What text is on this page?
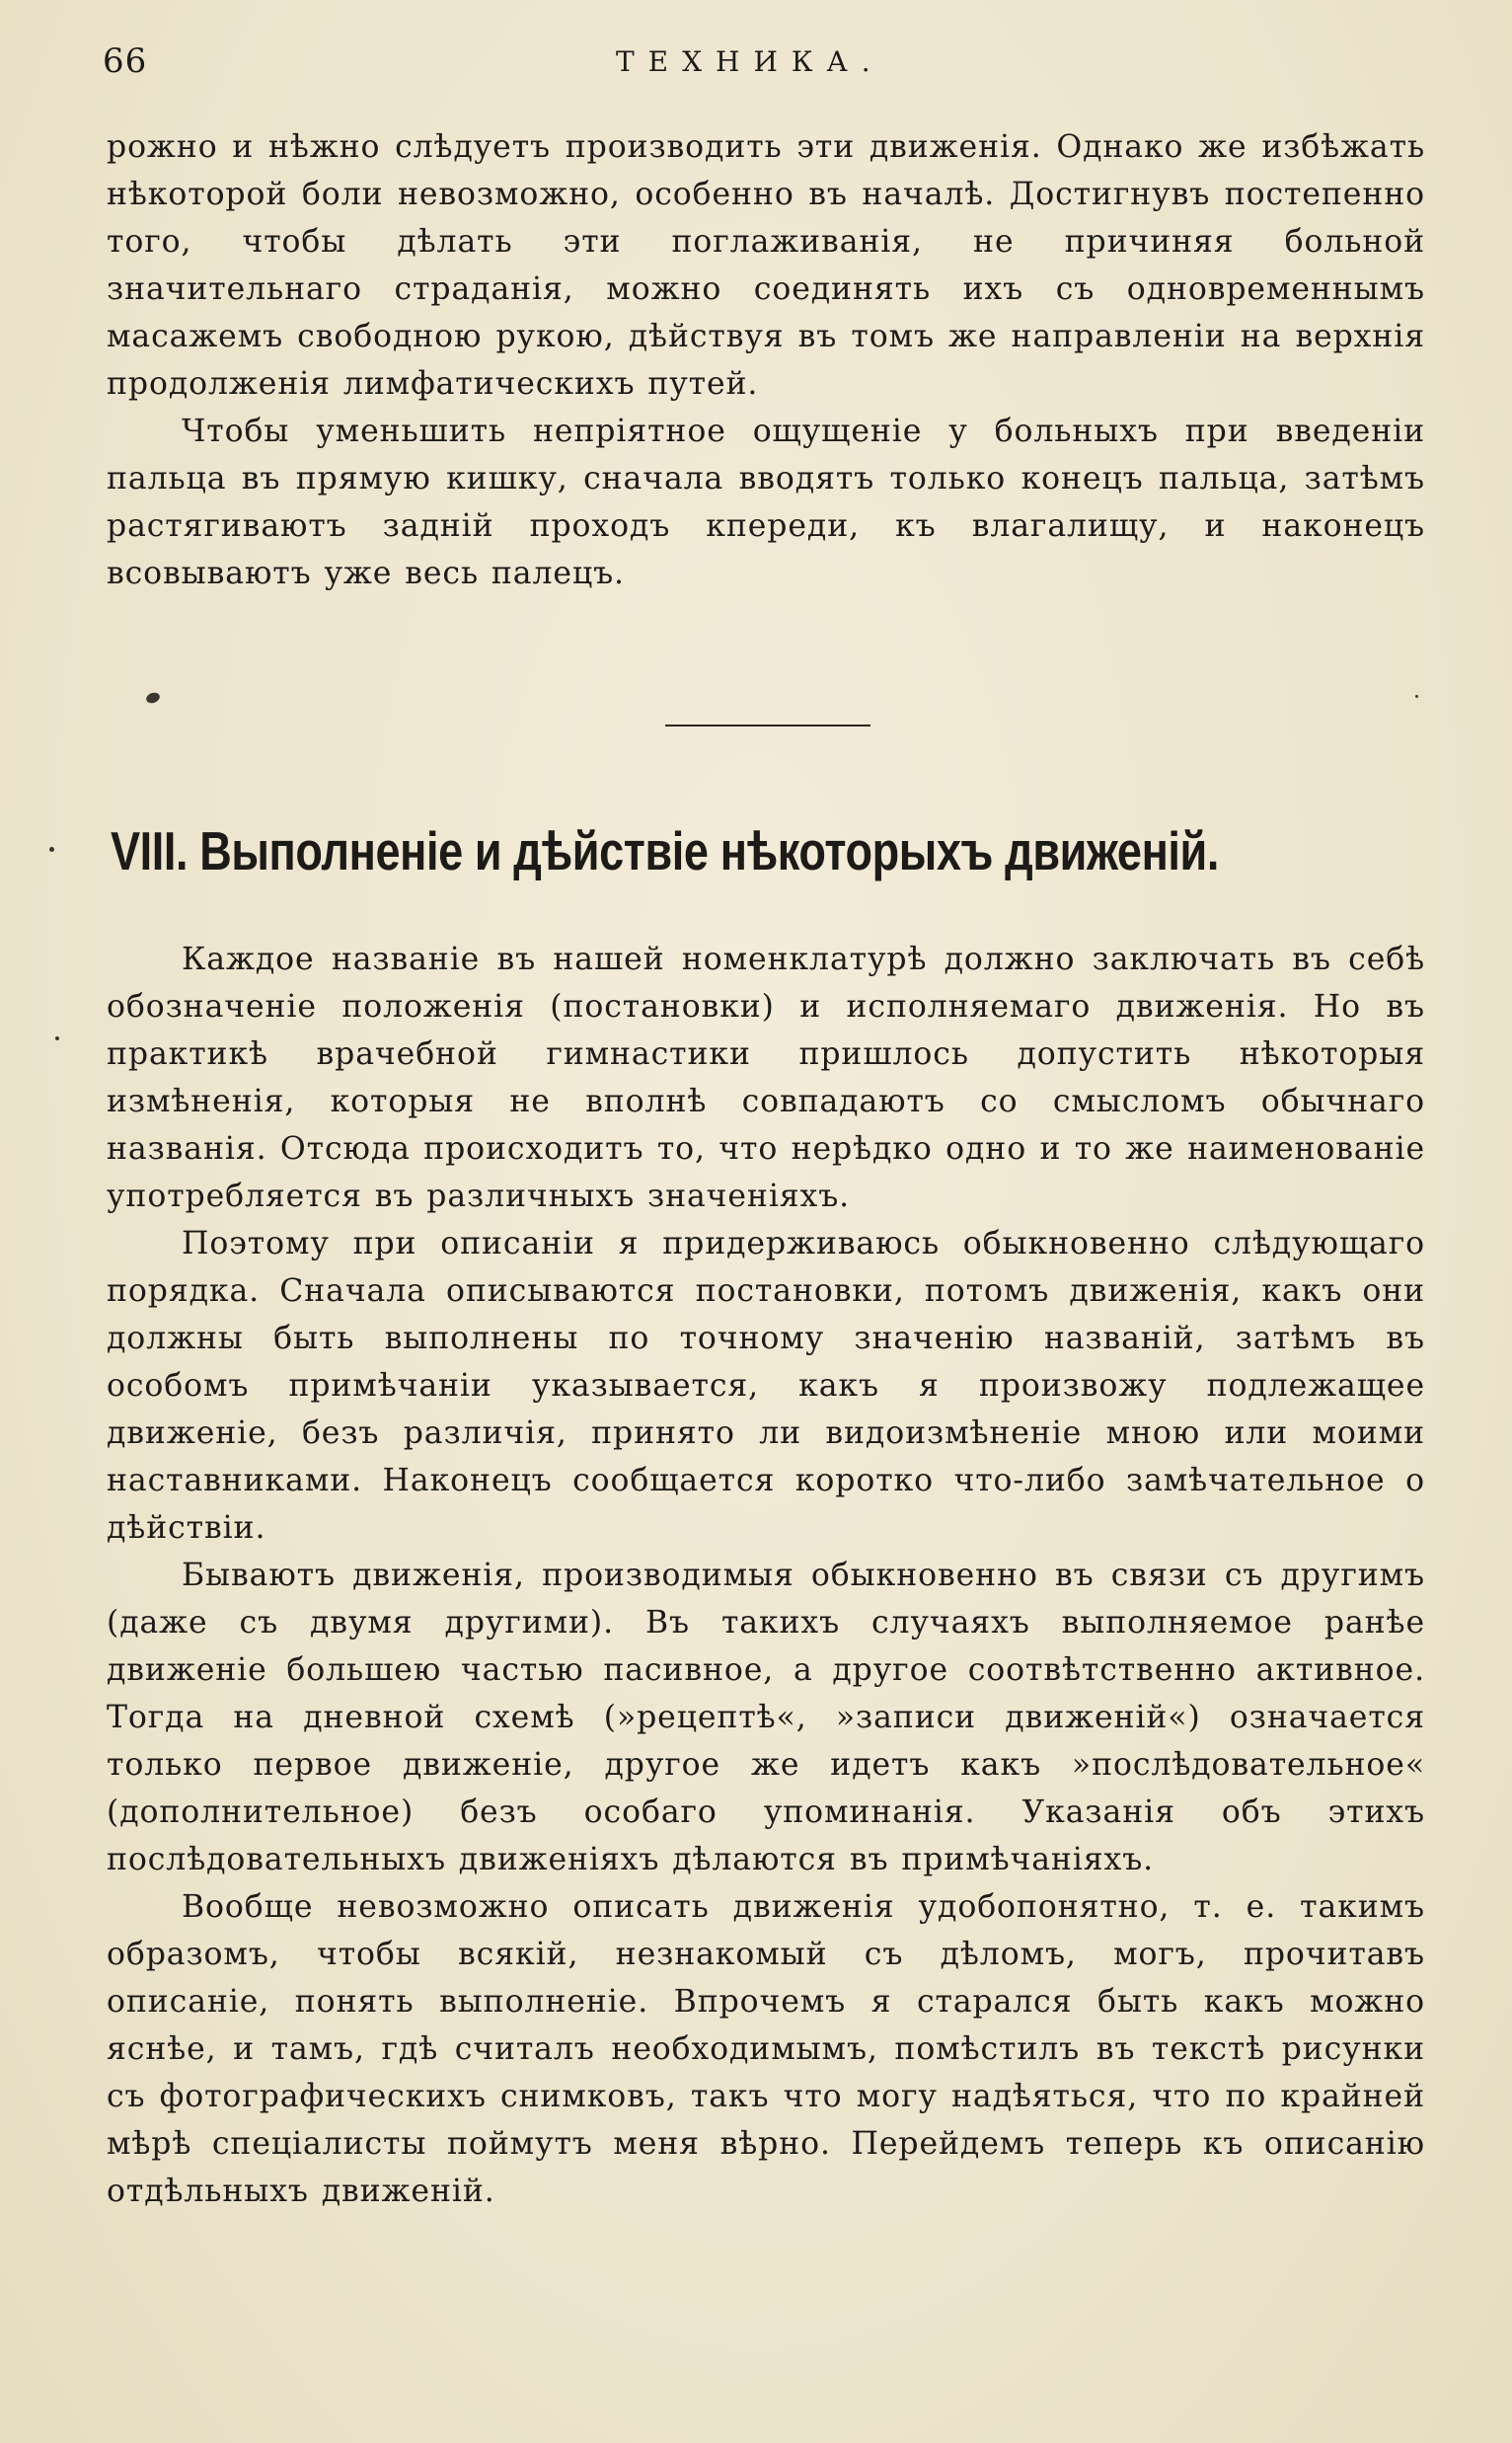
66	ТЕХНИКА.

рожно и нѣжно слѣдуетъ производить эти движенія. Однако же избѣжать нѣкоторой боли невозможно, особенно въ началѣ. Достигнувъ постепенно того, чтобы дѣлать эти поглаживанія, не причиняя больной значительнаго страданія, можно соединять ихъ съ одновременнымъ масажемъ свободною рукою, дѣйствуя въ томъ же направленіи на верхнія продолженія лимфатическихъ путей.

Чтобы уменьшить непріятное ощущеніе у больныхъ при введеніи пальца въ прямую кишку, сначала вводятъ только конецъ пальца, затѣмъ растягиваютъ заднiй проходъ кпереди, къ влагалищу, и наконецъ всовываютъ уже весь палецъ.

VIII. Выполненіе и дѣйствіе нѣкоторыхъ движеній.

Каждое названіе въ нашей номенклатурѣ должно заключать въ себѣ обозначеніе положенія (постановки) и исполняемаго движенія. Но въ практикѣ врачебной гимнастики пришлось допустить нѣкоторыя измѣненія, которыя не вполнѣ совпадаютъ со смысломъ обычнаго названія. Отсюда происходитъ то, что нерѣдко одно и то же наименованіе употребляется въ различныхъ значеніяхъ.

Поэтому при описаніи я придерживаюсь обыкновенно слѣдующаго порядка. Сначала описываются постановки, потомъ движенія, какъ они должны быть выполнены по точному значенію названій, затѣмъ въ особомъ примѣчаніи указывается, какъ я произвожу подлежащее движеніе, безъ различія, принято ли видоизмѣненіе мною или моими наставниками. Наконецъ сообщается коротко что-либо замѣчательное о дѣйствіи.

Бываютъ движенія, производимыя обыкновенно въ связи съ другимъ (даже съ двумя другими). Въ такихъ случаяхъ выполняемое ранѣе движеніе большею частью пасивное, а другое соотвѣтственно активное. Тогда на дневной схемѣ (»рецептѣ«, »записи движеній«) означается только первое движеніе, другое же идетъ какъ »послѣдовательное« (дополнительное) безъ особаго упоминанія. Указанія объ этихъ послѣдовательныхъ движеніяхъ дѣлаются въ примѣчаніяхъ.

Вообще невозможно описать движенія удобопонятно, т. е. такимъ образомъ, чтобы всякій, незнакомый съ дѣломъ, могъ, прочитавъ описаніе, понять выполненіе. Впрочемъ я старался быть какъ можно яснѣе, и тамъ, гдѣ считалъ необходимымъ, помѣстилъ въ текстѣ рисунки съ фотографическихъ снимковъ, такъ что могу надѣяться, что по крайней мѣрѣ спеціалисты поймутъ меня вѣрно. Перейдемъ теперь къ описанію отдѣльныхъ движеній.
